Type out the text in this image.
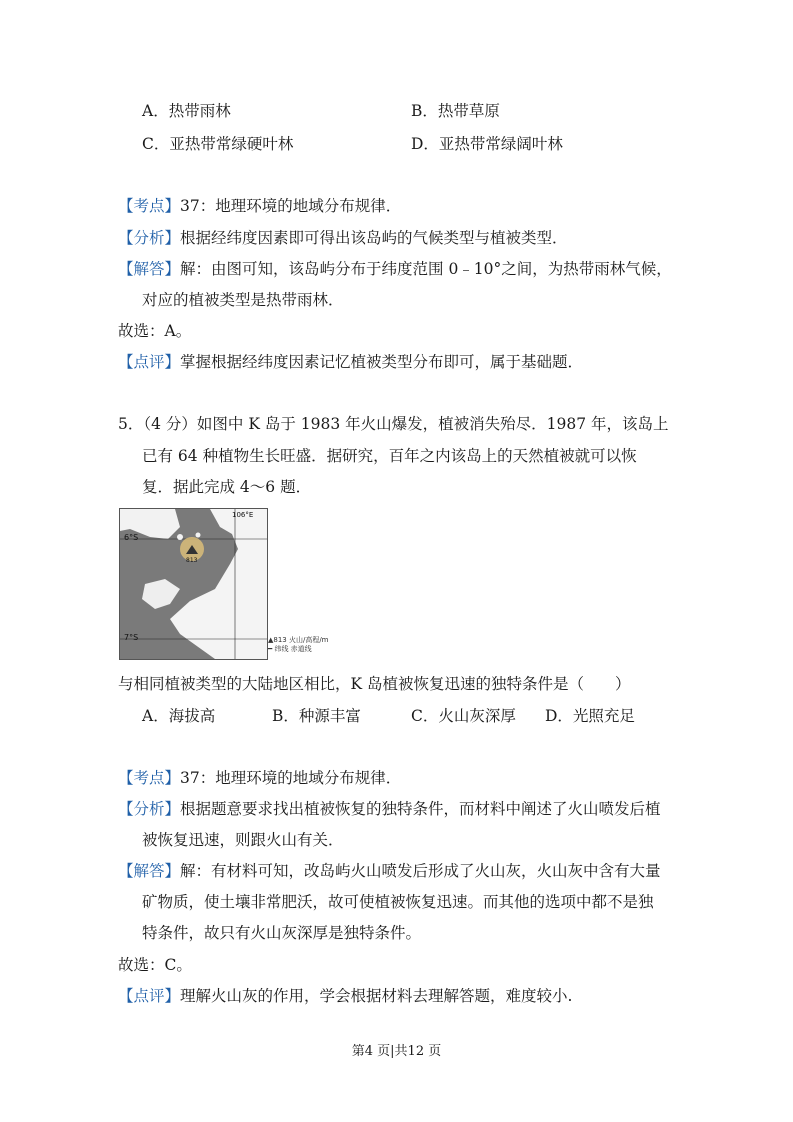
A．热带雨林	B．热带草原
C．亚热带常绿硬叶林	D．亚热带常绿阔叶林
【考点】37：地理环境的地域分布规律．
【分析】根据经纬度因素即可得出该岛屿的气候类型与植被类型．
【解答】解：由图可知，该岛屿分布于纬度范围 0﹣10°之间，为热带雨林气候，
对应的植被类型是热带雨林．
故选：A。
【点评】掌握根据经纬度因素记忆植被类型分布即可，属于基础题．
5．（4 分）如图中 K 岛于 1983 年火山爆发，植被消失殆尽．1987 年，该岛上
已有 64 种植物生长旺盛．据研究，百年之内该岛上的天然植被就可以恢
复．据此完成 4～6 题．
106°E
6°S
7°S
813
▲813 火山/高程/m
━ 纬线 赤道线
与相同植被类型的大陆地区相比，K 岛植被恢复迅速的独特条件是（　　）
A．海拔高	B．种源丰富	C．火山灰深厚 D．光照充足
【考点】37：地理环境的地域分布规律．
【分析】根据题意要求找出植被恢复的独特条件，而材料中阐述了火山喷发后植
被恢复迅速，则跟火山有关．
【解答】解：有材料可知，改岛屿火山喷发后形成了火山灰，火山灰中含有大量
矿物质，使土壤非常肥沃，故可使植被恢复迅速。而其他的选项中都不是独
特条件，故只有火山灰深厚是独特条件。
故选：C。
【点评】理解火山灰的作用，学会根据材料去理解答题，难度较小.
第4 页|共12 页
